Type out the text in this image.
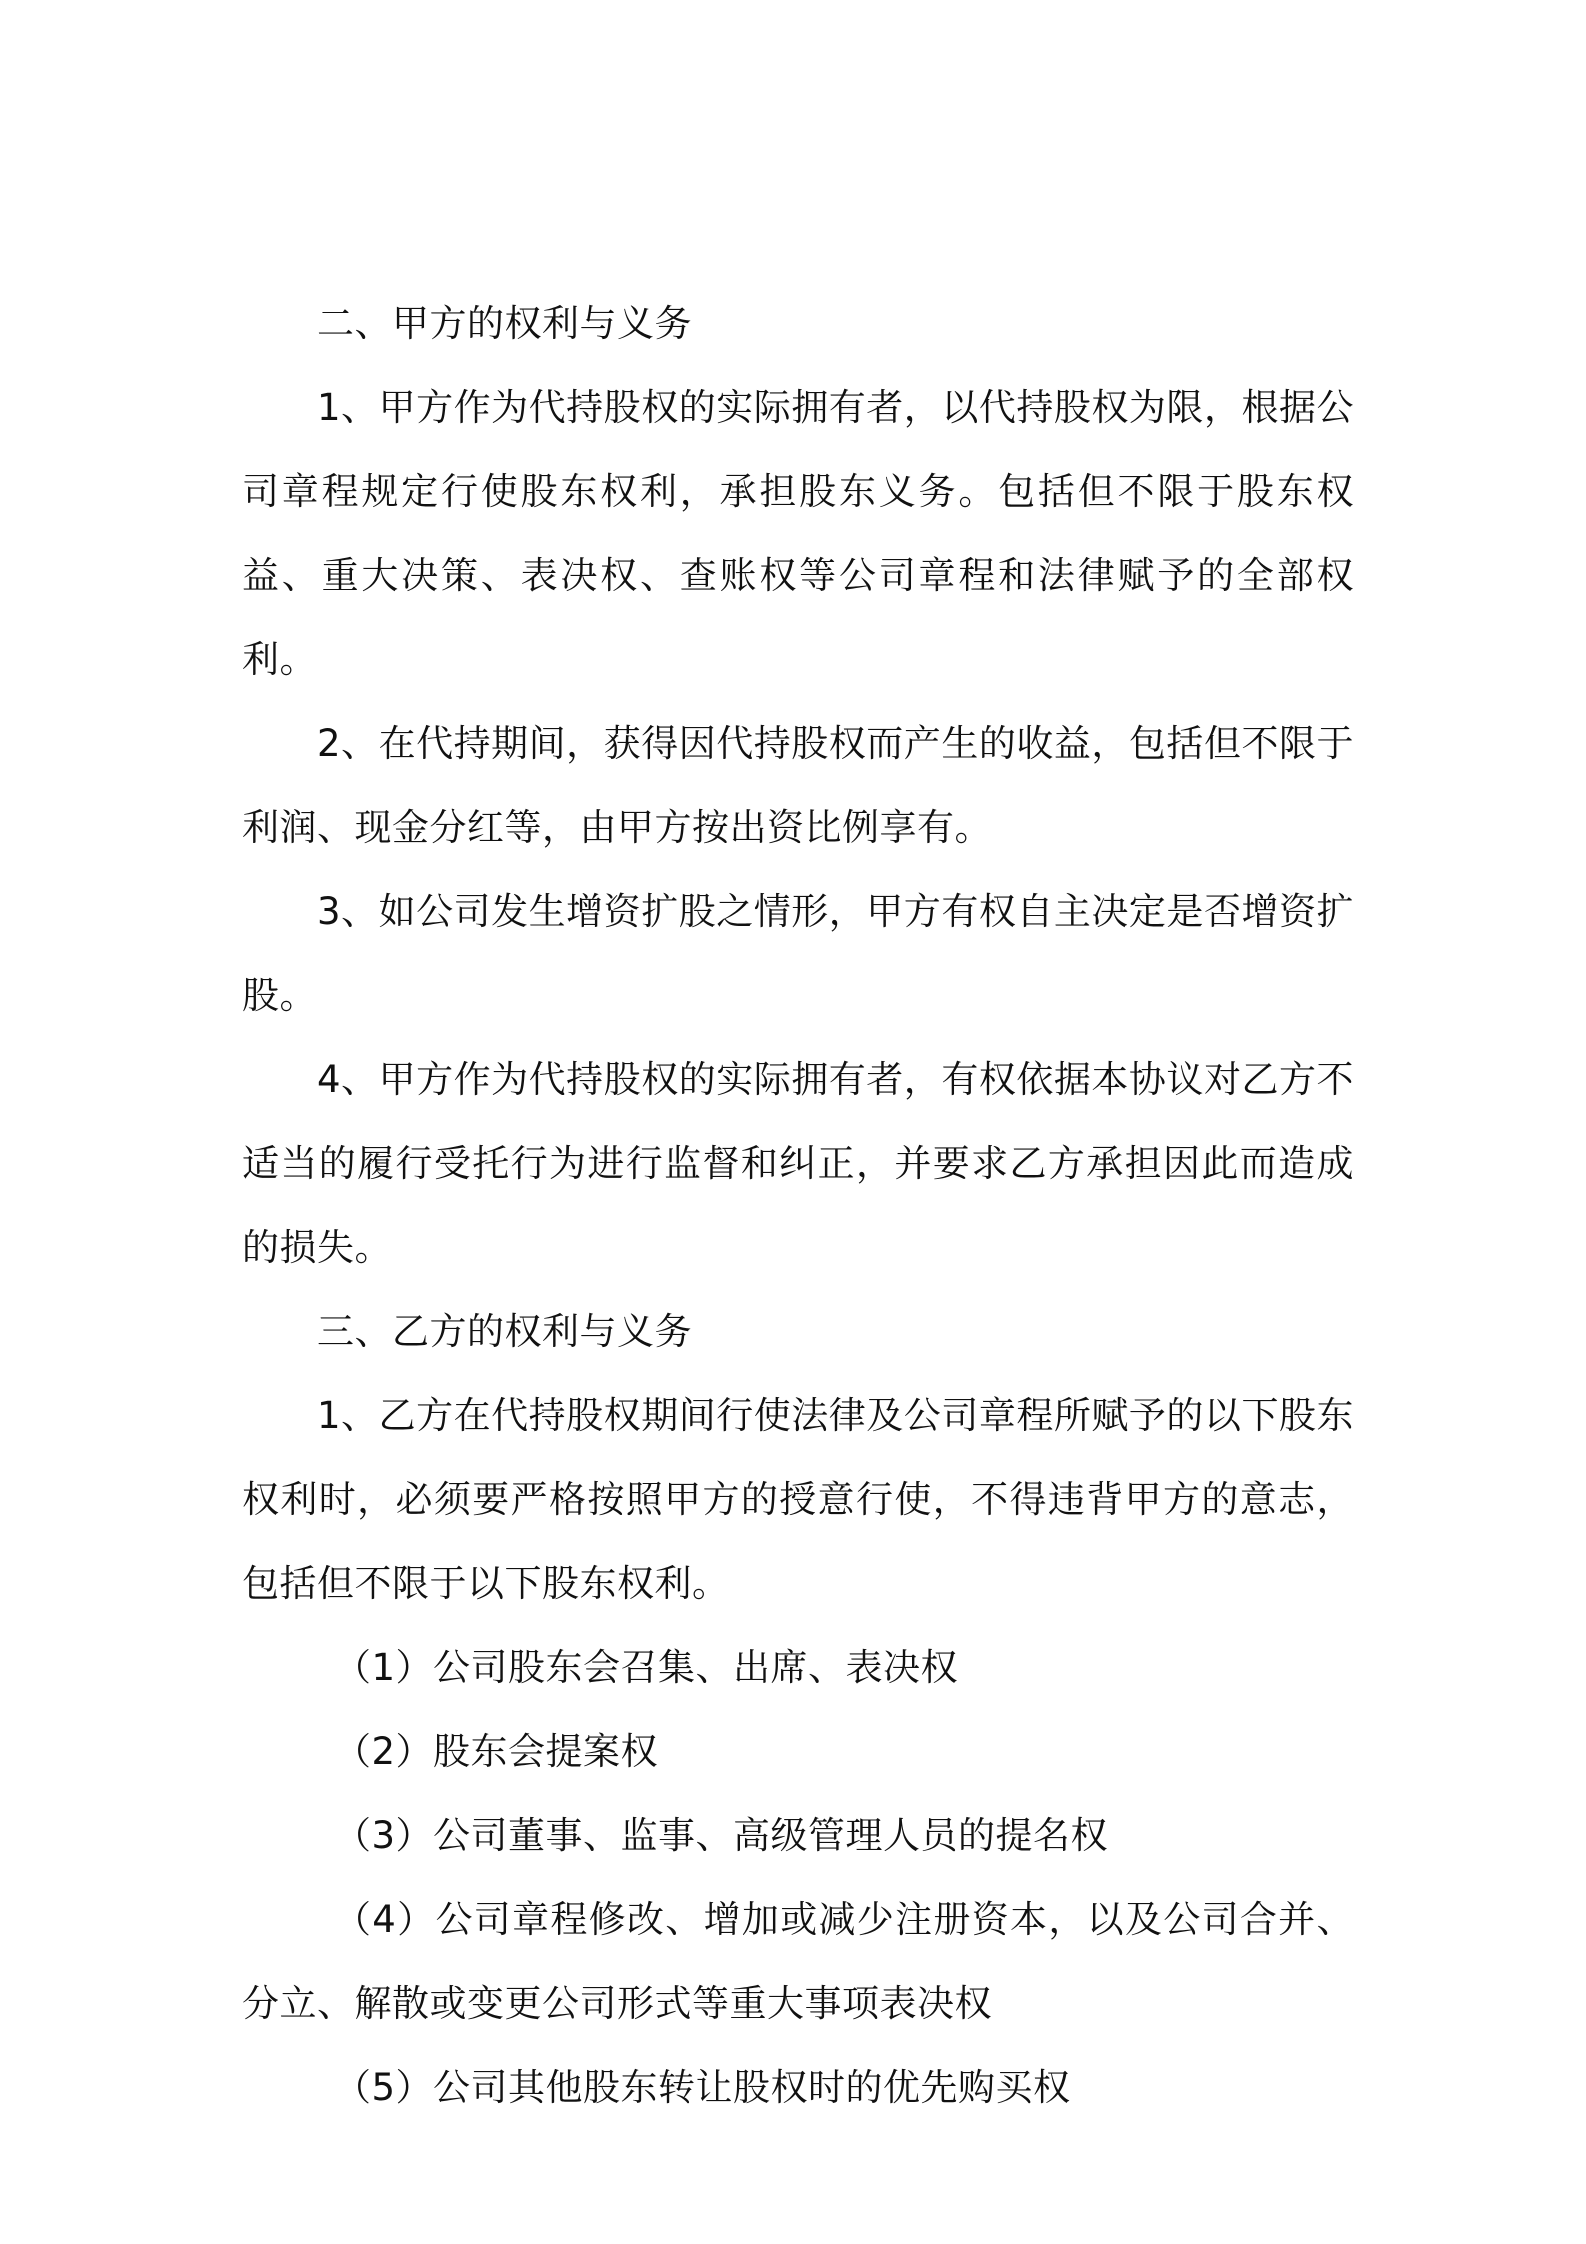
二、甲方的权利与义务

1、甲方作为代持股权的实际拥有者，以代持股权为限，根据公司章程规定行使股东权利，承担股东义务。包括但不限于股东权益、重大决策、表决权、查账权等公司章程和法律赋予的全部权利。

2、在代持期间，获得因代持股权而产生的收益，包括但不限于利润、现金分红等，由甲方按出资比例享有。

3、如公司发生增资扩股之情形，甲方有权自主决定是否增资扩股。

4、甲方作为代持股权的实际拥有者，有权依据本协议对乙方不适当的履行受托行为进行监督和纠正，并要求乙方承担因此而造成的损失。

三、乙方的权利与义务

1、乙方在代持股权期间行使法律及公司章程所赋予的以下股东权利时，必须要严格按照甲方的授意行使，不得违背甲方的意志，包括但不限于以下股东权利。

（1）公司股东会召集、出席、表决权

（2）股东会提案权

（3）公司董事、监事、高级管理人员的提名权

（4）公司章程修改、增加或减少注册资本，以及公司合并、分立、解散或变更公司形式等重大事项表决权

（5）公司其他股东转让股权时的优先购买权
